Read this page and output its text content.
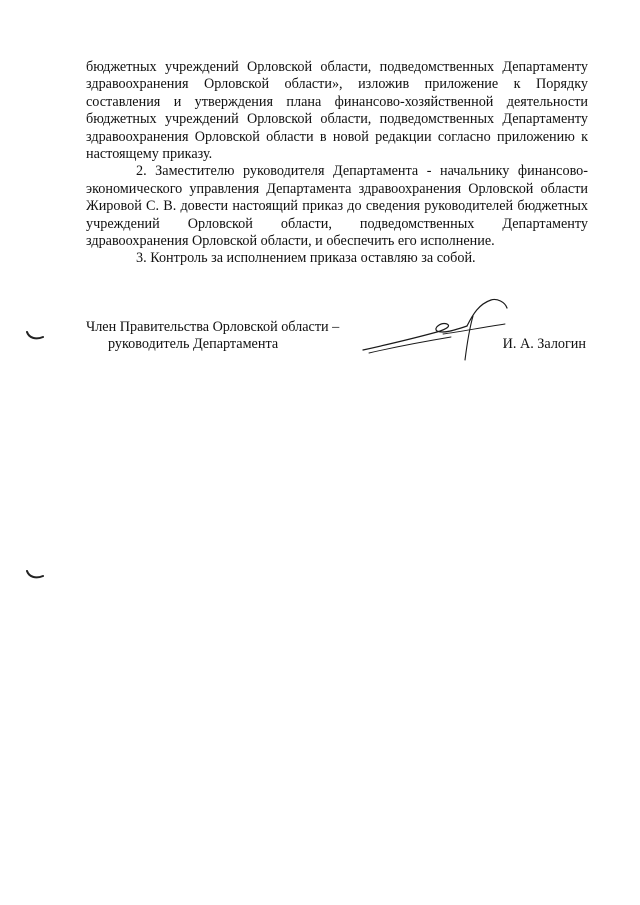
бюджетных учреждений Орловской области, подведомственных Департаменту здравоохранения Орловской области», изложив приложение к Порядку составления и утверждения плана финансово-хозяйственной деятельности бюджетных учреждений Орловской области, подведомственных Департаменту здравоохранения Орловской области в новой редакции согласно приложению к настоящему приказу.

2. Заместителю руководителя Департамента - начальнику финансово-экономического управления Департамента здравоохранения Орловской области Жировой С. В. довести настоящий приказ до сведения руководителей бюджетных учреждений Орловской области, подведомственных Департаменту здравоохранения Орловской области, и обеспечить его исполнение.

3. Контроль за исполнением приказа оставляю за собой.

Член Правительства Орловской области –
руководитель Департамента	И. А. Залогин
